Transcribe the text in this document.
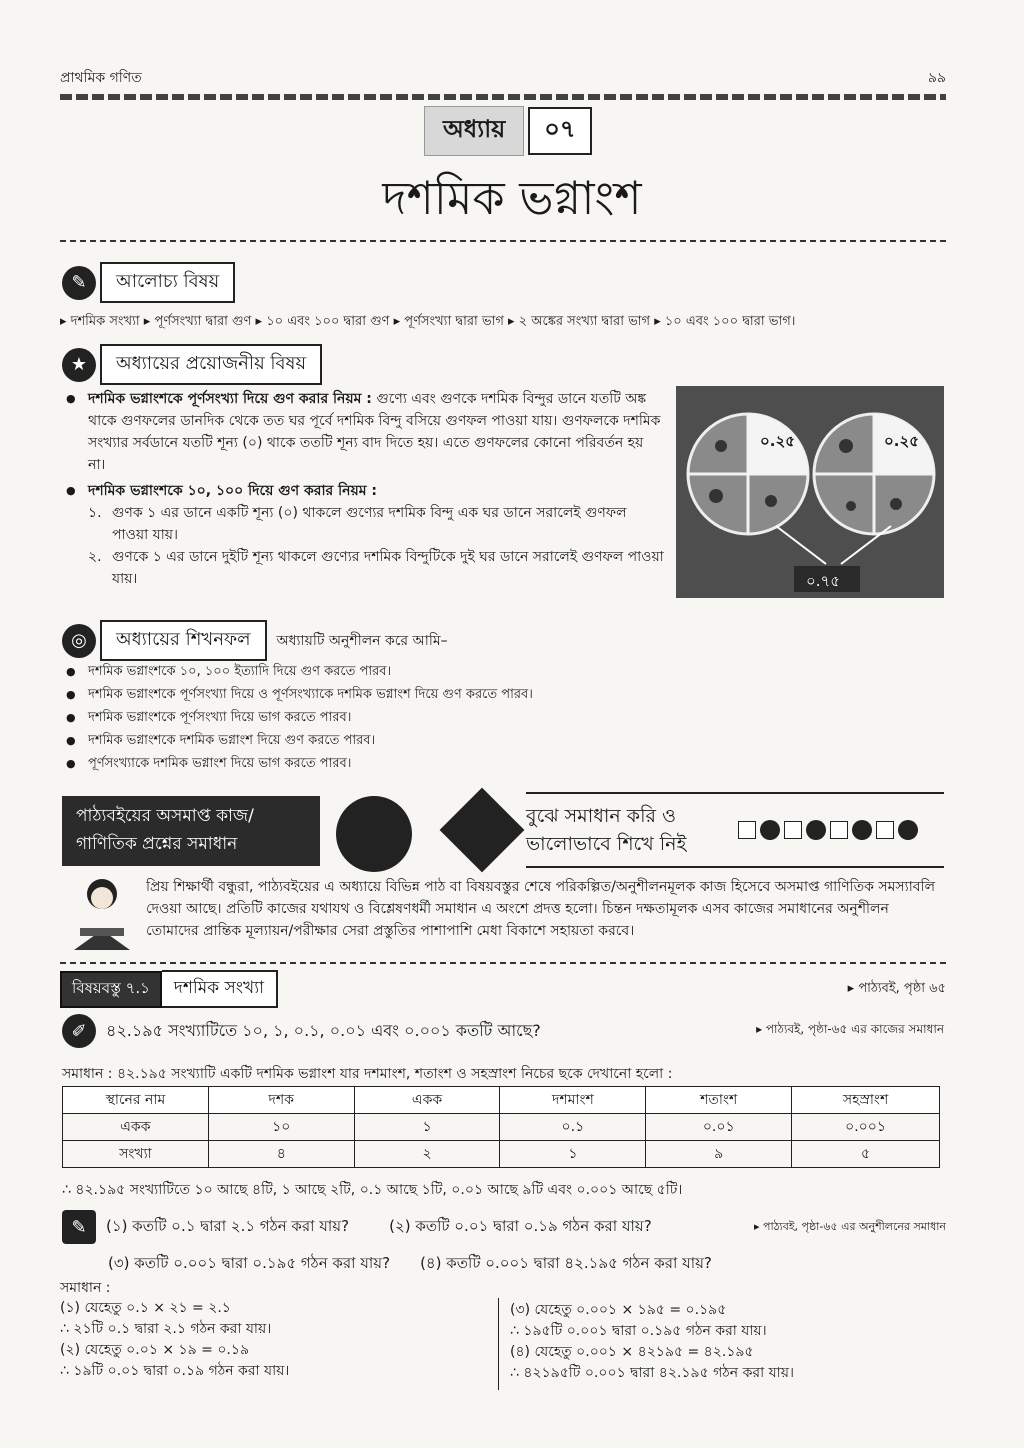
প্রাথমিক গণিত	৯৯
অধ্যায়	০৭
দশমিক ভগ্নাংশ
✎	আলোচ্য বিষয়
▸ দশমিক সংখ্যা ▸ পূর্ণসংখ্যা দ্বারা গুণ ▸ ১০ এবং ১০০ দ্বারা গুণ ▸ পূর্ণসংখ্যা দ্বারা ভাগ ▸ ২ অঙ্কের সংখ্যা দ্বারা ভাগ ▸ ১০ এবং ১০০ দ্বারা ভাগ।
★	অধ্যায়ের প্রয়োজনীয় বিষয়
● দশমিক ভগ্নাংশকে পূর্ণসংখ্যা দিয়ে গুণ করার নিয়ম : গুণ্যে এবং গুণকে দশমিক বিন্দুর ডানে যতটি অঙ্ক থাকে গুণফলের ডানদিক থেকে তত ঘর পূর্বে দশমিক বিন্দু বসিয়ে গুণফল পাওয়া যায়। গুণফলকে দশমিক সংখ্যার সর্বডানে যতটি শূন্য (০) থাকে ততটি শূন্য বাদ দিতে হয়। এতে গুণফলের কোনো পরিবর্তন হয় না।
● দশমিক ভগ্নাংশকে ১০, ১০০ দিয়ে গুণ করার নিয়ম :
১. গুণক ১ এর ডানে একটি শূন্য (০) থাকলে গুণ্যের দশমিক বিন্দু এক ঘর ডানে সরালেই গুণফল পাওয়া যায়।
২. গুণকে ১ এর ডানে দুইটি শূন্য থাকলে গুণ্যের দশমিক বিন্দুটিকে দুই ঘর ডানে সরালেই গুণফল পাওয়া যায়।
০.২৫	০.২৫
০.৭৫
◎	অধ্যায়ের শিখনফল	অধ্যায়টি অনুশীলন করে আমি–
● দশমিক ভগ্নাংশকে ১০, ১০০ ইত্যাদি দিয়ে গুণ করতে পারব।
● দশমিক ভগ্নাংশকে পূর্ণসংখ্যা দিয়ে ও পূর্ণসংখ্যাকে দশমিক ভগ্নাংশ দিয়ে গুণ করতে পারব।
● দশমিক ভগ্নাংশকে পূর্ণসংখ্যা দিয়ে ভাগ করতে পারব।
● দশমিক ভগ্নাংশকে দশমিক ভগ্নাংশ দিয়ে গুণ করতে পারব।
● পূর্ণসংখ্যাকে দশমিক ভগ্নাংশ দিয়ে ভাগ করতে পারব।
পাঠ্যবইয়ের অসমাপ্ত কাজ/
গাণিতিক প্রশ্নের সমাধান
বুঝে সমাধান করি ও
ভালোভাবে শিখে নিই
প্রিয় শিক্ষার্থী বন্ধুরা, পাঠ্যবইয়ের এ অধ্যায়ে বিভিন্ন পাঠ বা বিষয়বস্তুর শেষে পরিকল্পিত/অনুশীলনমূলক কাজ হিসেবে অসমাপ্ত গাণিতিক সমস্যাবলি দেওয়া আছে। প্রতিটি কাজের যথাযথ ও বিশ্লেষণধর্মী সমাধান এ অংশে প্রদত্ত হলো। চিন্তন দক্ষতামূলক এসব কাজের সমাধানের অনুশীলন তোমাদের প্রান্তিক মূল্যায়ন/পরীক্ষার সেরা প্রস্তুতির পাশাপাশি মেধা বিকাশে সহায়তা করবে।
বিষয়বস্তু ৭.১	দশমিক সংখ্যা	▸ পাঠ্যবই, পৃষ্ঠা ৬৫
✐	৪২.১৯৫ সংখ্যাটিতে ১০, ১, ০.১, ০.০১ এবং ০.০০১ কতটি আছে?	▸ পাঠ্যবই, পৃষ্ঠা-৬৫ এর কাজের সমাধান
সমাধান : ৪২.১৯৫ সংখ্যাটি একটি দশমিক ভগ্নাংশ যার দশমাংশ, শতাংশ ও সহস্রাংশ নিচের ছকে দেখানো হলো :
স্থানের নাম	দশক	একক	দশমাংশ	শতাংশ	সহস্রাংশ
একক	১০	১	০.১	০.০১	০.০০১
সংখ্যা	৪	২	১	৯	৫
∴ ৪২.১৯৫ সংখ্যাটিতে ১০ আছে ৪টি, ১ আছে ২টি, ০.১ আছে ১টি, ০.০১ আছে ৯টি এবং ০.০০১ আছে ৫টি।
✎	(১) কতটি ০.১ দ্বারা ২.১ গঠন করা যায়?	(২) কতটি ০.০১ দ্বারা ০.১৯ গঠন করা যায়?	▸ পাঠ্যবই, পৃষ্ঠা-৬৫ এর অনুশীলনের সমাধান
(৩) কতটি ০.০০১ দ্বারা ০.১৯৫ গঠন করা যায়? (৪) কতটি ০.০০১ দ্বারা ৪২.১৯৫ গঠন করা যায়?
সমাধান :
(১) যেহেতু ০.১ × ২১ = ২.১
∴ ২১টি ০.১ দ্বারা ২.১ গঠন করা যায়।
(২) যেহেতু ০.০১ × ১৯ = ০.১৯
∴ ১৯টি ০.০১ দ্বারা ০.১৯ গঠন করা যায়।
(৩) যেহেতু ০.০০১ × ১৯৫ = ০.১৯৫
∴ ১৯৫টি ০.০০১ দ্বারা ০.১৯৫ গঠন করা যায়।
(৪) যেহেতু ০.০০১ × ৪২১৯৫ = ৪২.১৯৫
∴ ৪২১৯৫টি ০.০০১ দ্বারা ৪২.১৯৫ গঠন করা যায়।
